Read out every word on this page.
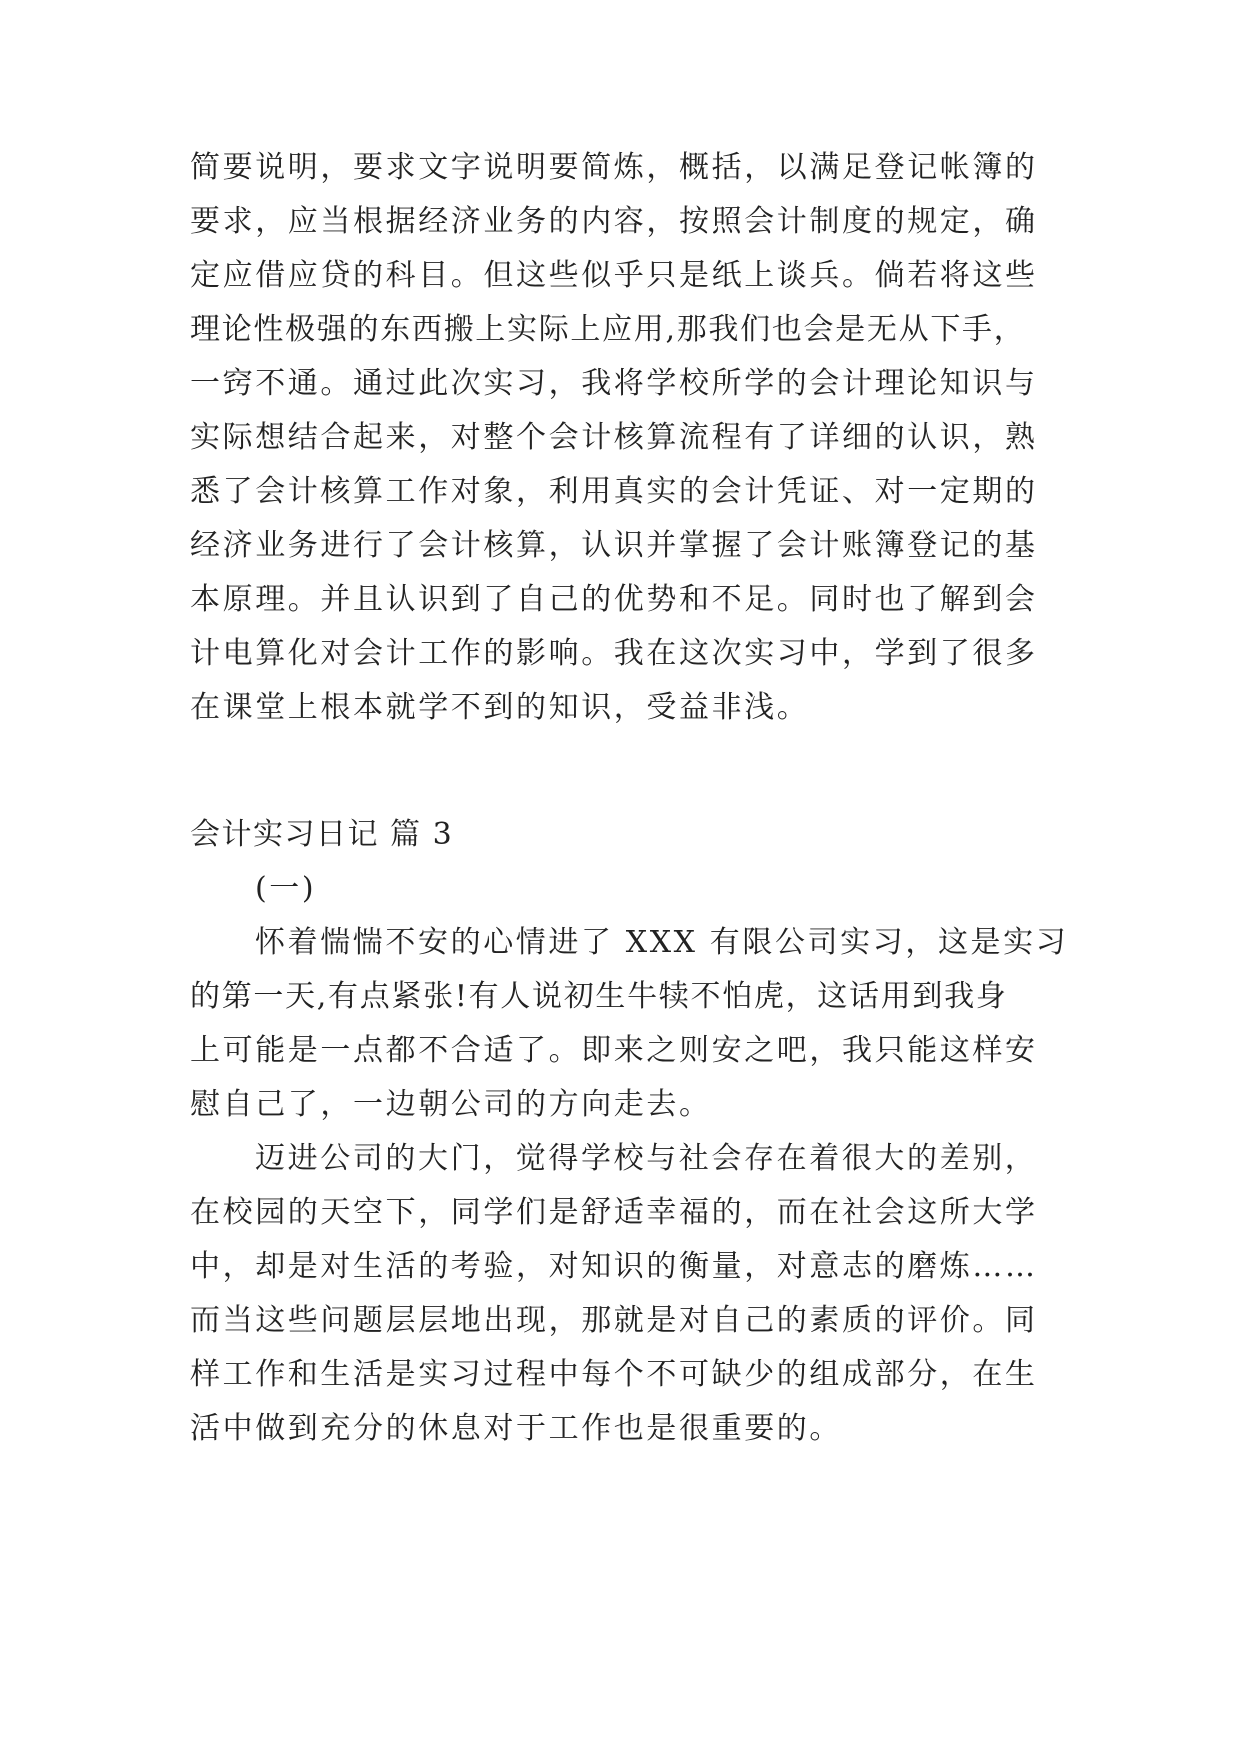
简要说明，要求文字说明要简炼，概括，以满足登记帐簿的

要求，应当根据经济业务的内容，按照会计制度的规定，确

定应借应贷的科目。但这些似乎只是纸上谈兵。倘若将这些

理论性极强的东西搬上实际上应用,那我们也会是无从下手，

一窍不通。通过此次实习，我将学校所学的会计理论知识与

实际想结合起来，对整个会计核算流程有了详细的认识，熟

悉了会计核算工作对象，利用真实的会计凭证、对一定期的

经济业务进行了会计核算，认识并掌握了会计账簿登记的基

本原理。并且认识到了自己的优势和不足。同时也了解到会

计电算化对会计工作的影响。我在这次实习中，学到了很多

在课堂上根本就学不到的知识，受益非浅。

会计实习日记 篇 3

(一)

怀着惴惴不安的心情进了 XXX 有限公司实习，这是实习

的第一天,有点紧张!有人说初生牛犊不怕虎，这话用到我身

上可能是一点都不合适了。即来之则安之吧，我只能这样安

慰自己了，一边朝公司的方向走去。

迈进公司的大门，觉得学校与社会存在着很大的差别，

在校园的天空下，同学们是舒适幸福的，而在社会这所大学

中，却是对生活的考验，对知识的衡量，对意志的磨炼……

而当这些问题层层地出现，那就是对自己的素质的评价。同

样工作和生活是实习过程中每个不可缺少的组成部分，在生

活中做到充分的休息对于工作也是很重要的。
